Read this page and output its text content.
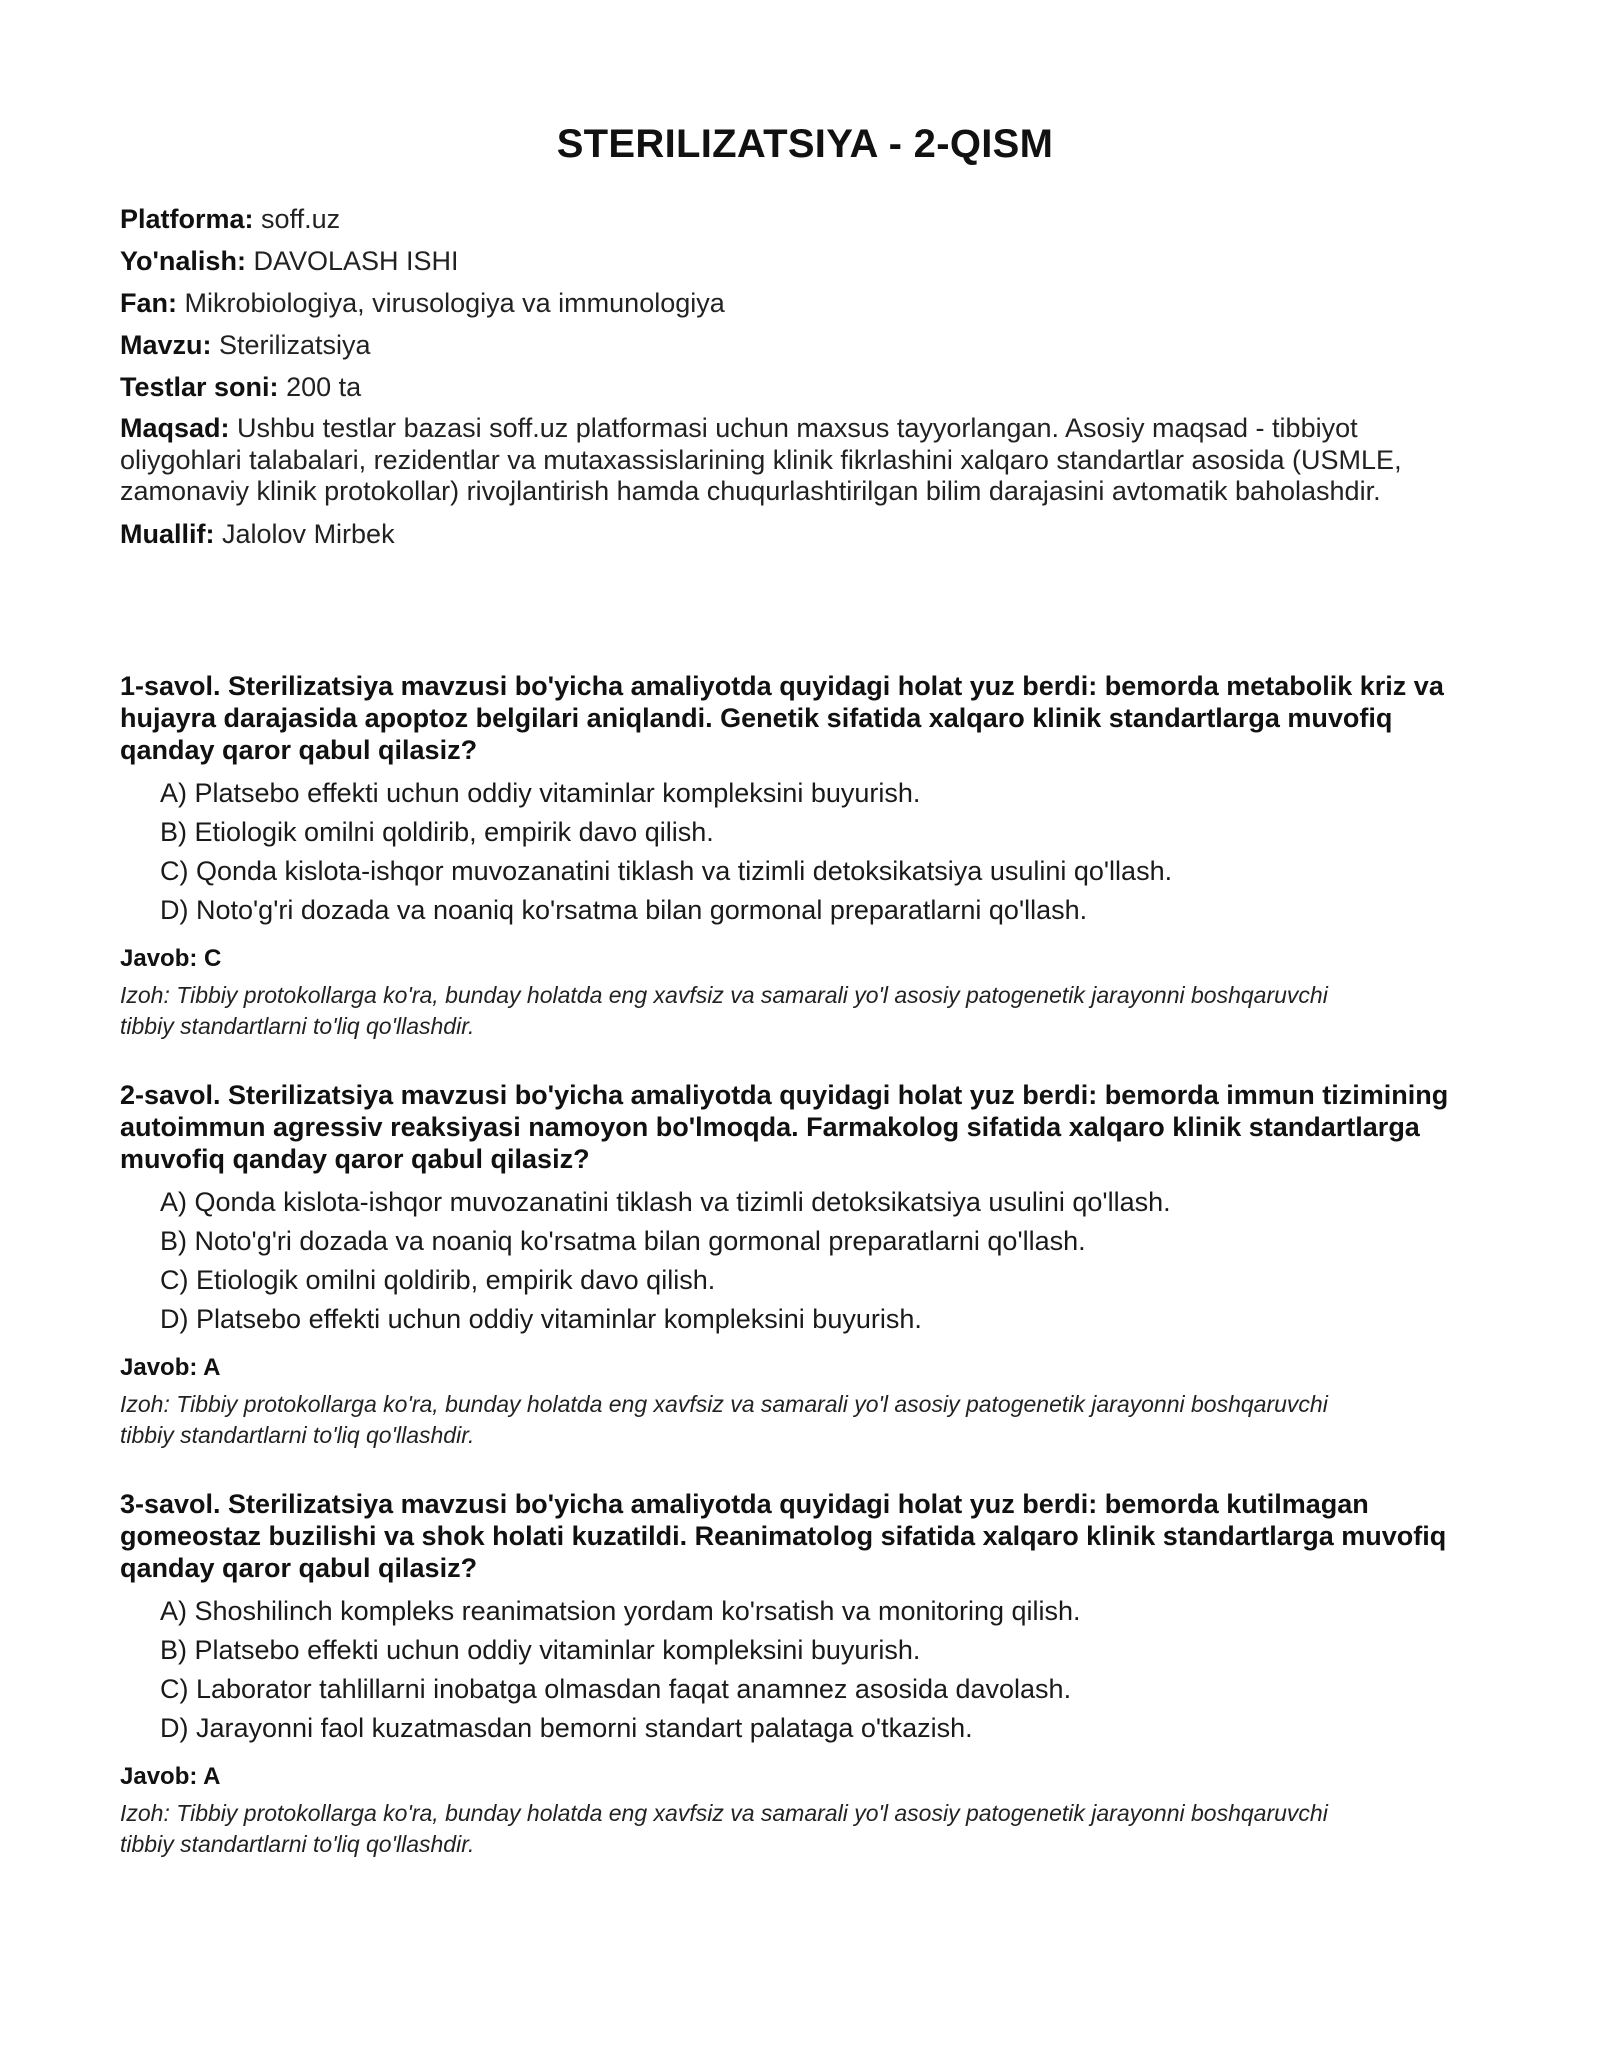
STERILIZATSIYA - 2-QISM
Platforma: soff.uz
Yo'nalish: DAVOLASH ISHI
Fan: Mikrobiologiya, virusologiya va immunologiya
Mavzu: Sterilizatsiya
Testlar soni: 200 ta
Maqsad: Ushbu testlar bazasi soff.uz platformasi uchun maxsus tayyorlangan. Asosiy maqsad - tibbiyot oliygohlari talabalari, rezidentlar va mutaxassislarining klinik fikrlashini xalqaro standartlar asosida (USMLE, zamonaviy klinik protokollar) rivojlantirish hamda chuqurlashtirilgan bilim darajasini avtomatik baholashdir.
Muallif: Jalolov Mirbek
1-savol. Sterilizatsiya mavzusi bo'yicha amaliyotda quyidagi holat yuz berdi: bemorda metabolik kriz va hujayra darajasida apoptoz belgilari aniqlandi. Genetik sifatida xalqaro klinik standartlarga muvofiq qanday qaror qabul qilasiz?
A) Platsebo effekti uchun oddiy vitaminlar kompleksini buyurish.
B) Etiologik omilni qoldirib, empirik davo qilish.
C) Qonda kislota-ishqor muvozanatini tiklash va tizimli detoksikatsiya usulini qo'llash.
D) Noto'g'ri dozada va noaniq ko'rsatma bilan gormonal preparatlarni qo'llash.
Javob: C
Izoh: Tibbiy protokollarga ko'ra, bunday holatda eng xavfsiz va samarali yo'l asosiy patogenetik jarayonni boshqaruvchi tibbiy standartlarni to'liq qo'llashdir.
2-savol. Sterilizatsiya mavzusi bo'yicha amaliyotda quyidagi holat yuz berdi: bemorda immun tizimining autoimmun agressiv reaksiyasi namoyon bo'lmoqda. Farmakolog sifatida xalqaro klinik standartlarga muvofiq qanday qaror qabul qilasiz?
A) Qonda kislota-ishqor muvozanatini tiklash va tizimli detoksikatsiya usulini qo'llash.
B) Noto'g'ri dozada va noaniq ko'rsatma bilan gormonal preparatlarni qo'llash.
C) Etiologik omilni qoldirib, empirik davo qilish.
D) Platsebo effekti uchun oddiy vitaminlar kompleksini buyurish.
Javob: A
Izoh: Tibbiy protokollarga ko'ra, bunday holatda eng xavfsiz va samarali yo'l asosiy patogenetik jarayonni boshqaruvchi tibbiy standartlarni to'liq qo'llashdir.
3-savol. Sterilizatsiya mavzusi bo'yicha amaliyotda quyidagi holat yuz berdi: bemorda kutilmagan gomeostaz buzilishi va shok holati kuzatildi. Reanimatolog sifatida xalqaro klinik standartlarga muvofiq qanday qaror qabul qilasiz?
A) Shoshilinch kompleks reanimatsion yordam ko'rsatish va monitoring qilish.
B) Platsebo effekti uchun oddiy vitaminlar kompleksini buyurish.
C) Laborator tahlillarni inobatga olmasdan faqat anamnez asosida davolash.
D) Jarayonni faol kuzatmasdan bemorni standart palataga o'tkazish.
Javob: A
Izoh: Tibbiy protokollarga ko'ra, bunday holatda eng xavfsiz va samarali yo'l asosiy patogenetik jarayonni boshqaruvchi tibbiy standartlarni to'liq qo'llashdir.
